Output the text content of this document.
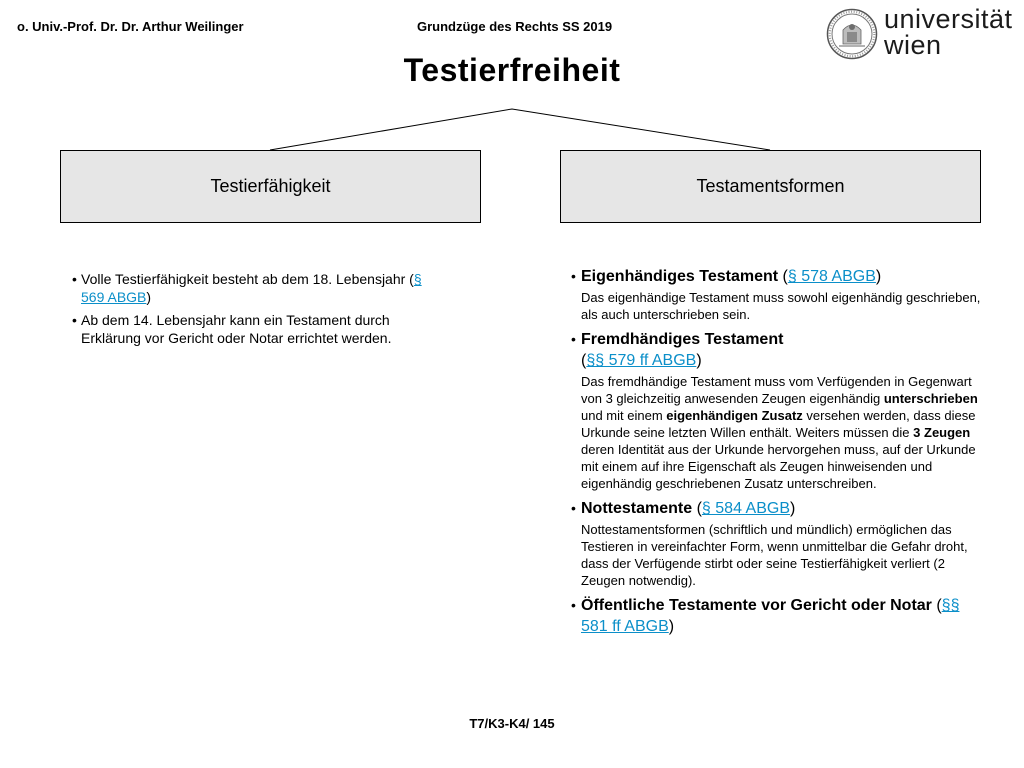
o. Univ.-Prof. Dr. Dr. Arthur Weilinger	Grundzüge des Rechts SS 2019	universität
wien
Testierfreiheit
Testierfähigkeit	Testamentsformen
• Volle Testierfähigkeit besteht ab dem 18. Lebensjahr (§ 569 ABGB)
• Ab dem 14. Lebensjahr kann ein Testament durch Erklärung vor Gericht oder Notar errichtet werden.
• Eigenhändiges Testament (§ 578 ABGB)
Das eigenhändige Testament muss sowohl eigenhändig geschrieben, als auch unterschrieben sein.
• Fremdhändiges Testament
(§§ 579 ff ABGB)
Das fremdhändige Testament muss vom Verfügenden in Gegenwart von 3 gleichzeitig anwesenden Zeugen eigenhändig unterschrieben und mit einem eigenhändigen Zusatz versehen werden, dass diese Urkunde seine letzten Willen enthält. Weiters müssen die 3 Zeugen deren Identität aus der Urkunde hervorgehen muss, auf der Urkunde mit einem auf ihre Eigenschaft als Zeugen hinweisenden und eigenhändig geschriebenen Zusatz unterschreiben.
• Nottestamente (§ 584 ABGB)
Nottestamentsformen (schriftlich und mündlich) ermöglichen das Testieren in vereinfachter Form, wenn unmittelbar die Gefahr droht, dass der Verfügende stirbt oder seine Testierfähigkeit verliert (2 Zeugen notwendig).
• Öffentliche Testamente vor Gericht oder Notar (§§ 581 ff ABGB)
T7/K3-K4/ 145
